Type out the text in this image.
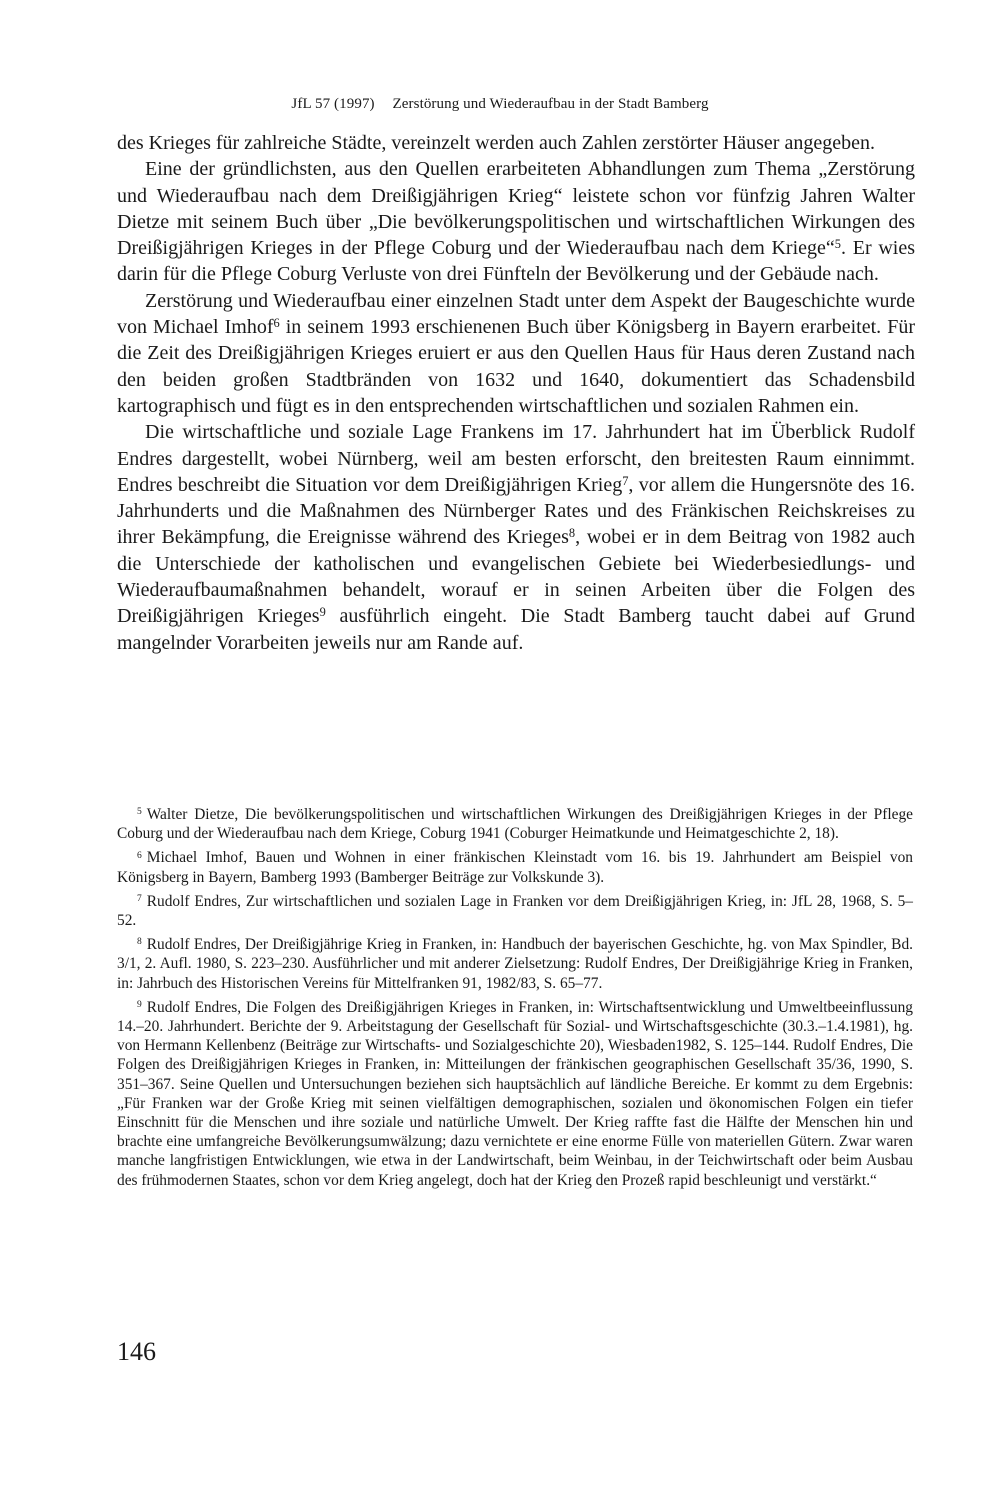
JfL 57 (1997) Zerstörung und Wiederaufbau in der Stadt Bamberg

des Krieges für zahlreiche Städte, vereinzelt werden auch Zahlen zerstörter Häuser angegeben.

Eine der gründlichsten, aus den Quellen erarbeiteten Abhandlungen zum Thema „Zerstörung und Wiederaufbau nach dem Dreißigjährigen Krieg“ leistete schon vor fünfzig Jahren Walter Dietze mit seinem Buch über „Die bevölkerungspolitischen und wirtschaftlichen Wirkungen des Dreißigjährigen Krieges in der Pflege Coburg und der Wiederaufbau nach dem Kriege“$^5$. Er wies darin für die Pflege Coburg Verluste von drei Fünfteln der Bevölkerung und der Gebäude nach.

Zerstörung und Wiederaufbau einer einzelnen Stadt unter dem Aspekt der Baugeschichte wurde von Michael Imhof$^6$ in seinem 1993 erschienenen Buch über Königsberg in Bayern erarbeitet. Für die Zeit des Dreißigjährigen Krieges eruiert er aus den Quellen Haus für Haus deren Zustand nach den beiden großen Stadtbränden von 1632 und 1640, dokumentiert das Schadensbild kartographisch und fügt es in den entsprechenden wirtschaftlichen und sozialen Rahmen ein.

Die wirtschaftliche und soziale Lage Frankens im 17. Jahrhundert hat im Überblick Rudolf Endres dargestellt, wobei Nürnberg, weil am besten erforscht, den breitesten Raum einnimmt. Endres beschreibt die Situation vor dem Dreißigjährigen Krieg$^7$, vor allem die Hungersnöte des 16. Jahrhunderts und die Maßnahmen des Nürnberger Rates und des Fränkischen Reichskreises zu ihrer Bekämpfung, die Ereignisse während des Krieges$^8$, wobei er in dem Beitrag von 1982 auch die Unterschiede der katholischen und evangelischen Gebiete bei Wiederbesiedlungs- und Wiederaufbaumaßnahmen behandelt, worauf er in seinen Arbeiten über die Folgen des Dreißigjährigen Krieges$^9$ ausführlich eingeht. Die Stadt Bamberg taucht dabei auf Grund mangelnder Vorarbeiten jeweils nur am Rande auf.

$^5$ Walter Dietze, Die bevölkerungspolitischen und wirtschaftlichen Wirkungen des Dreißigjährigen Krieges in der Pflege Coburg und der Wiederaufbau nach dem Kriege, Coburg 1941 (Coburger Heimatkunde und Heimatgeschichte 2, 18).

$^6$ Michael Imhof, Bauen und Wohnen in einer fränkischen Kleinstadt vom 16. bis 19. Jahrhundert am Beispiel von Königsberg in Bayern, Bamberg 1993 (Bamberger Beiträge zur Volkskunde 3).

$^7$ Rudolf Endres, Zur wirtschaftlichen und sozialen Lage in Franken vor dem Dreißigjährigen Krieg, in: JfL 28, 1968, S. 5–52.

$^8$ Rudolf Endres, Der Dreißigjährige Krieg in Franken, in: Handbuch der bayerischen Geschichte, hg. von Max Spindler, Bd. 3/1, 2. Aufl. 1980, S. 223–230. Ausführlicher und mit anderer Zielsetzung: Rudolf Endres, Der Dreißigjährige Krieg in Franken, in: Jahrbuch des Historischen Vereins für Mittelfranken 91, 1982/83, S. 65–77.

$^9$ Rudolf Endres, Die Folgen des Dreißigjährigen Krieges in Franken, in: Wirtschaftsentwicklung und Umweltbeeinflussung 14.–20. Jahrhundert. Berichte der 9. Arbeitstagung der Gesellschaft für Sozial- und Wirtschaftsgeschichte (30.3.–1.4.1981), hg. von Hermann Kellenbenz (Beiträge zur Wirtschafts- und Sozialgeschichte 20), Wiesbaden1982, S. 125–144. Rudolf Endres, Die Folgen des Dreißigjährigen Krieges in Franken, in: Mitteilungen der fränkischen geographischen Gesellschaft 35/36, 1990, S. 351–367. Seine Quellen und Untersuchungen beziehen sich hauptsächlich auf ländliche Bereiche. Er kommt zu dem Ergebnis: „Für Franken war der Große Krieg mit seinen vielfältigen demographischen, sozialen und ökonomischen Folgen ein tiefer Einschnitt für die Menschen und ihre soziale und natürliche Umwelt. Der Krieg raffte fast die Hälfte der Menschen hin und brachte eine umfangreiche Bevölkerungsumwälzung; dazu vernichtete er eine enorme Fülle von materiellen Gütern. Zwar waren manche langfristigen Entwicklungen, wie etwa in der Landwirtschaft, beim Weinbau, in der Teichwirtschaft oder beim Ausbau des frühmodernen Staates, schon vor dem Krieg angelegt, doch hat der Krieg den Prozeß rapid beschleunigt und verstärkt.“

146
